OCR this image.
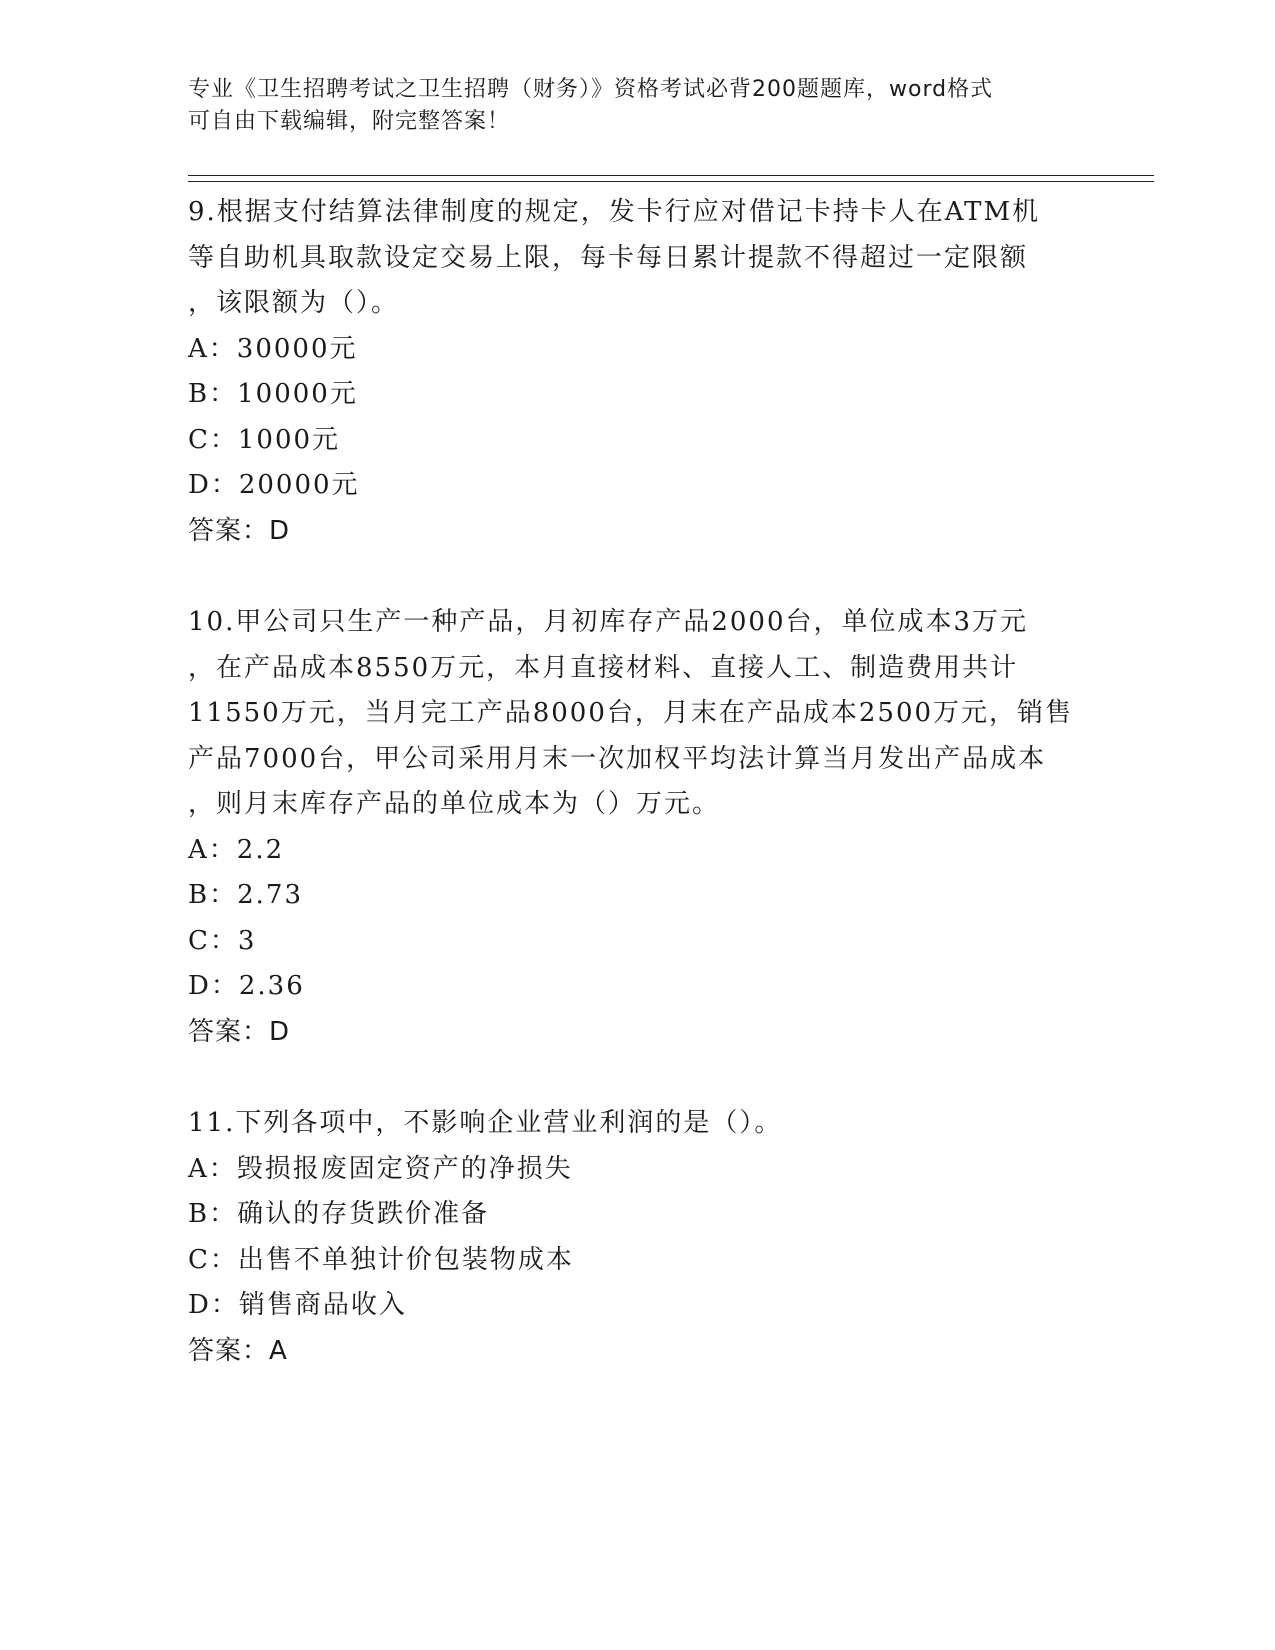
专业《卫生招聘考试之卫生招聘（财务）》资格考试必背200题题库，word格式
可自由下载编辑，附完整答案！
9.根据支付结算法律制度的规定，发卡行应对借记卡持卡人在ATM机
等自助机具取款设定交易上限，每卡每日累计提款不得超过一定限额
，该限额为（）。
A：30000元
B：10000元
C：1000元
D：20000元
答案：D
10.甲公司只生产一种产品，月初库存产品2000台，单位成本3万元
，在产品成本8550万元，本月直接材料、直接人工、制造费用共计
11550万元，当月完工产品8000台，月末在产品成本2500万元，销售
产品7000台，甲公司采用月末一次加权平均法计算当月发出产品成本
，则月末库存产品的单位成本为（）万元。
A：2.2
B：2.73
C：3
D：2.36
答案：D
11.下列各项中，不影响企业营业利润的是（）。
A：毁损报废固定资产的净损失
B：确认的存货跌价准备
C：出售不单独计价包装物成本
D：销售商品收入
答案：A
